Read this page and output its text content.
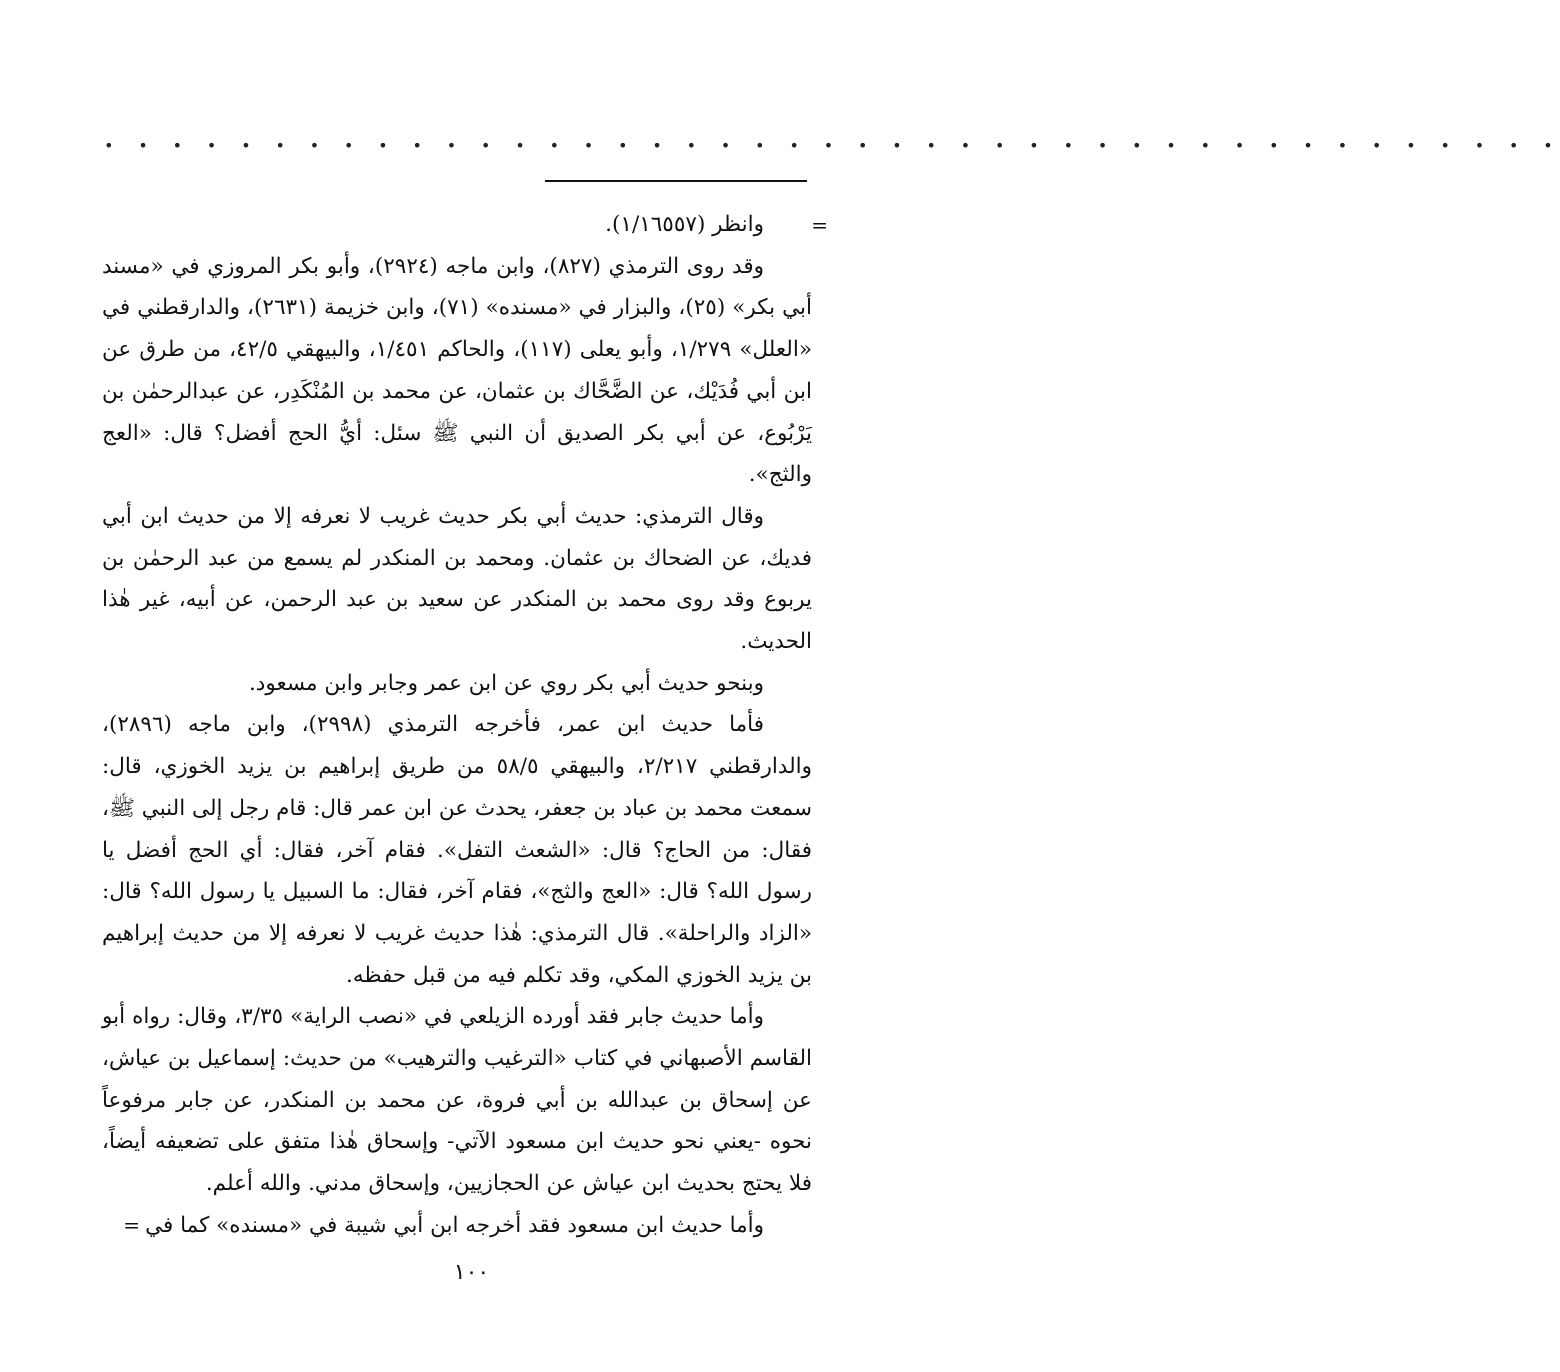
• • • • • • • • • • • • • • • • • • • • • • • • • • • • • • • • • • • • • • • • • • •
=

وانظر (١/١٦٥٥٧).

وقد روى الترمذي (٨٢٧)، وابن ماجه (٢٩٢٤)، وأبو بكر المروزي في «مسند أبي بكر» (٢٥)، والبزار في «مسنده» (٧١)، وابن خزيمة (٢٦٣١)، والدارقطني في «العلل» ١/٢٧٩، وأبو يعلى (١١٧)، والحاكم ١/٤٥١، والبيهقي ٤٢/٥، من طرق عن ابن أبي فُدَيْك، عن الضَّحَّاك بن عثمان، عن محمد بن المُنْكَدِر، عن عبدالرحمٰن بن يَرْبُوع، عن أبي بكر الصديق أن النبي ﷺ سئل: أيُّ الحج أفضل؟ قال: «العج والثج».

وقال الترمذي: حديث أبي بكر حديث غريب لا نعرفه إلا من حديث ابن أبي فديك، عن الضحاك بن عثمان. ومحمد بن المنكدر لم يسمع من عبد الرحمٰن بن يربوع وقد روى محمد بن المنكدر عن سعيد بن عبد الرحمن، عن أبيه، غير هٰذا الحديث.

وبنحو حديث أبي بكر روي عن ابن عمر وجابر وابن مسعود.

فأما حديث ابن عمر، فأخرجه الترمذي (٢٩٩٨)، وابن ماجه (٢٨٩٦)، والدارقطني ٢/٢١٧، والبيهقي ٥٨/٥ من طريق إبراهيم بن يزيد الخوزي، قال: سمعت محمد بن عباد بن جعفر، يحدث عن ابن عمر قال: قام رجل إلى النبي ﷺ، فقال: من الحاج؟ قال: «الشعث التفل». فقام آخر، فقال: أي الحج أفضل يا رسول الله؟ قال: «العج والثج»، فقام آخر، فقال: ما السبيل يا رسول الله؟ قال: «الزاد والراحلة». قال الترمذي: هٰذا حديث غريب لا نعرفه إلا من حديث إبراهيم بن يزيد الخوزي المكي، وقد تكلم فيه من قبل حفظه.

وأما حديث جابر فقد أورده الزيلعي في «نصب الراية» ٣/٣٥، وقال: رواه أبو القاسم الأصبهاني في كتاب «الترغيب والترهيب» من حديث: إسماعيل بن عياش، عن إسحاق بن عبدالله بن أبي فروة، عن محمد بن المنكدر، عن جابر مرفوعاً نحوه -يعني نحو حديث ابن مسعود الآتي- وإسحاق هٰذا متفق على تضعيفه أيضاً، فلا يحتج بحديث ابن عياش عن الحجازيين، وإسحاق مدني. والله أعلم.

وأما حديث ابن مسعود فقد أخرجه ابن أبي شيبة في «مسنده» كما في

=
١٠٠
